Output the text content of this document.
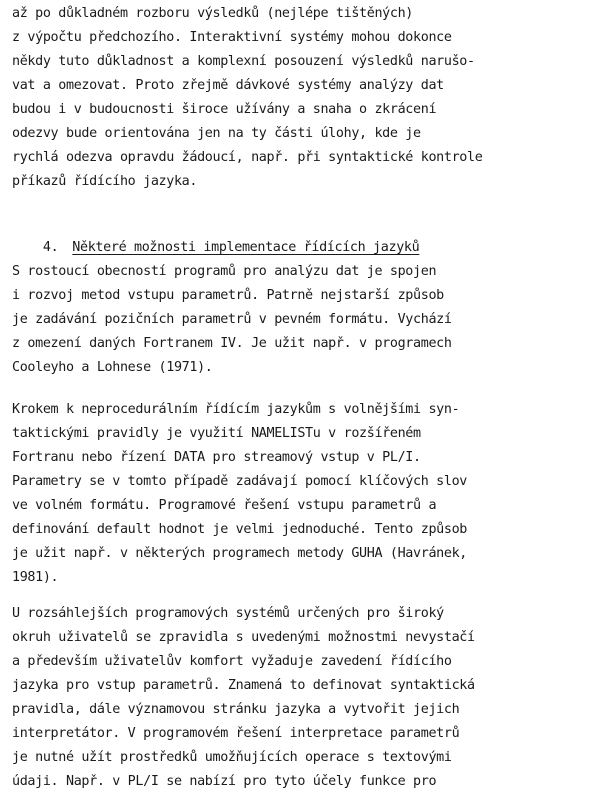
až po důkladném rozboru výsledků (nejlépe tištěných)
z výpočtu předchozího. Interaktivní systémy mohou dokonce
někdy tuto důkladnost a komplexní posouzení výsledků narušo-
vat a omezovat. Proto zřejmě dávkové systémy analýzy dat
budou i v budoucnosti široce užívány a snaha o zkrácení
odezvy bude orientována jen na ty části úlohy, kde je
rychlá odezva opravdu žádoucí, např. při syntaktické kontrole
příkazů řídícího jazyka.

4. Některé možnosti implementace řídících jazyků

S rostoucí obecností programů pro analýzu dat je spojen
i rozvoj metod vstupu parametrů. Patrně nejstarší způsob
je zadávání pozičních parametrů v pevném formátu. Vychází
z omezení daných Fortranem IV. Je užit např. v programech
Cooleyho a Lohnese (1971).
Krokem k neprocedurálním řídícím jazykům s volnějšími syn-
taktickými pravidly je využití NAMELISTu v rozšířeném
Fortranu nebo řízení DATA pro streamový vstup v PL/I.
Parametry se v tomto případě zadávají pomocí klíčových slov
ve volném formátu. Programové řešení vstupu parametrů a
definování default hodnot je velmi jednoduché. Tento způsob
je užit např. v některých programech metody GUHA (Havránek,
1981).
U rozsáhlejších programových systémů určených pro široký
okruh uživatelů se zpravidla s uvedenými možnostmi nevystačí
a především uživatelův komfort vyžaduje zavedení řídícího
jazyka pro vstup parametrů. Znamená to definovat syntaktická
pravidla, dále významovou stránku jazyka a vytvořit jejich
interpretátor. V programovém řešení interpretace parametrů
je nutné užít prostředků umožňujících operace s textovými
údaji. Např. v PL/I se nabízí pro tyto účely funkce pro
